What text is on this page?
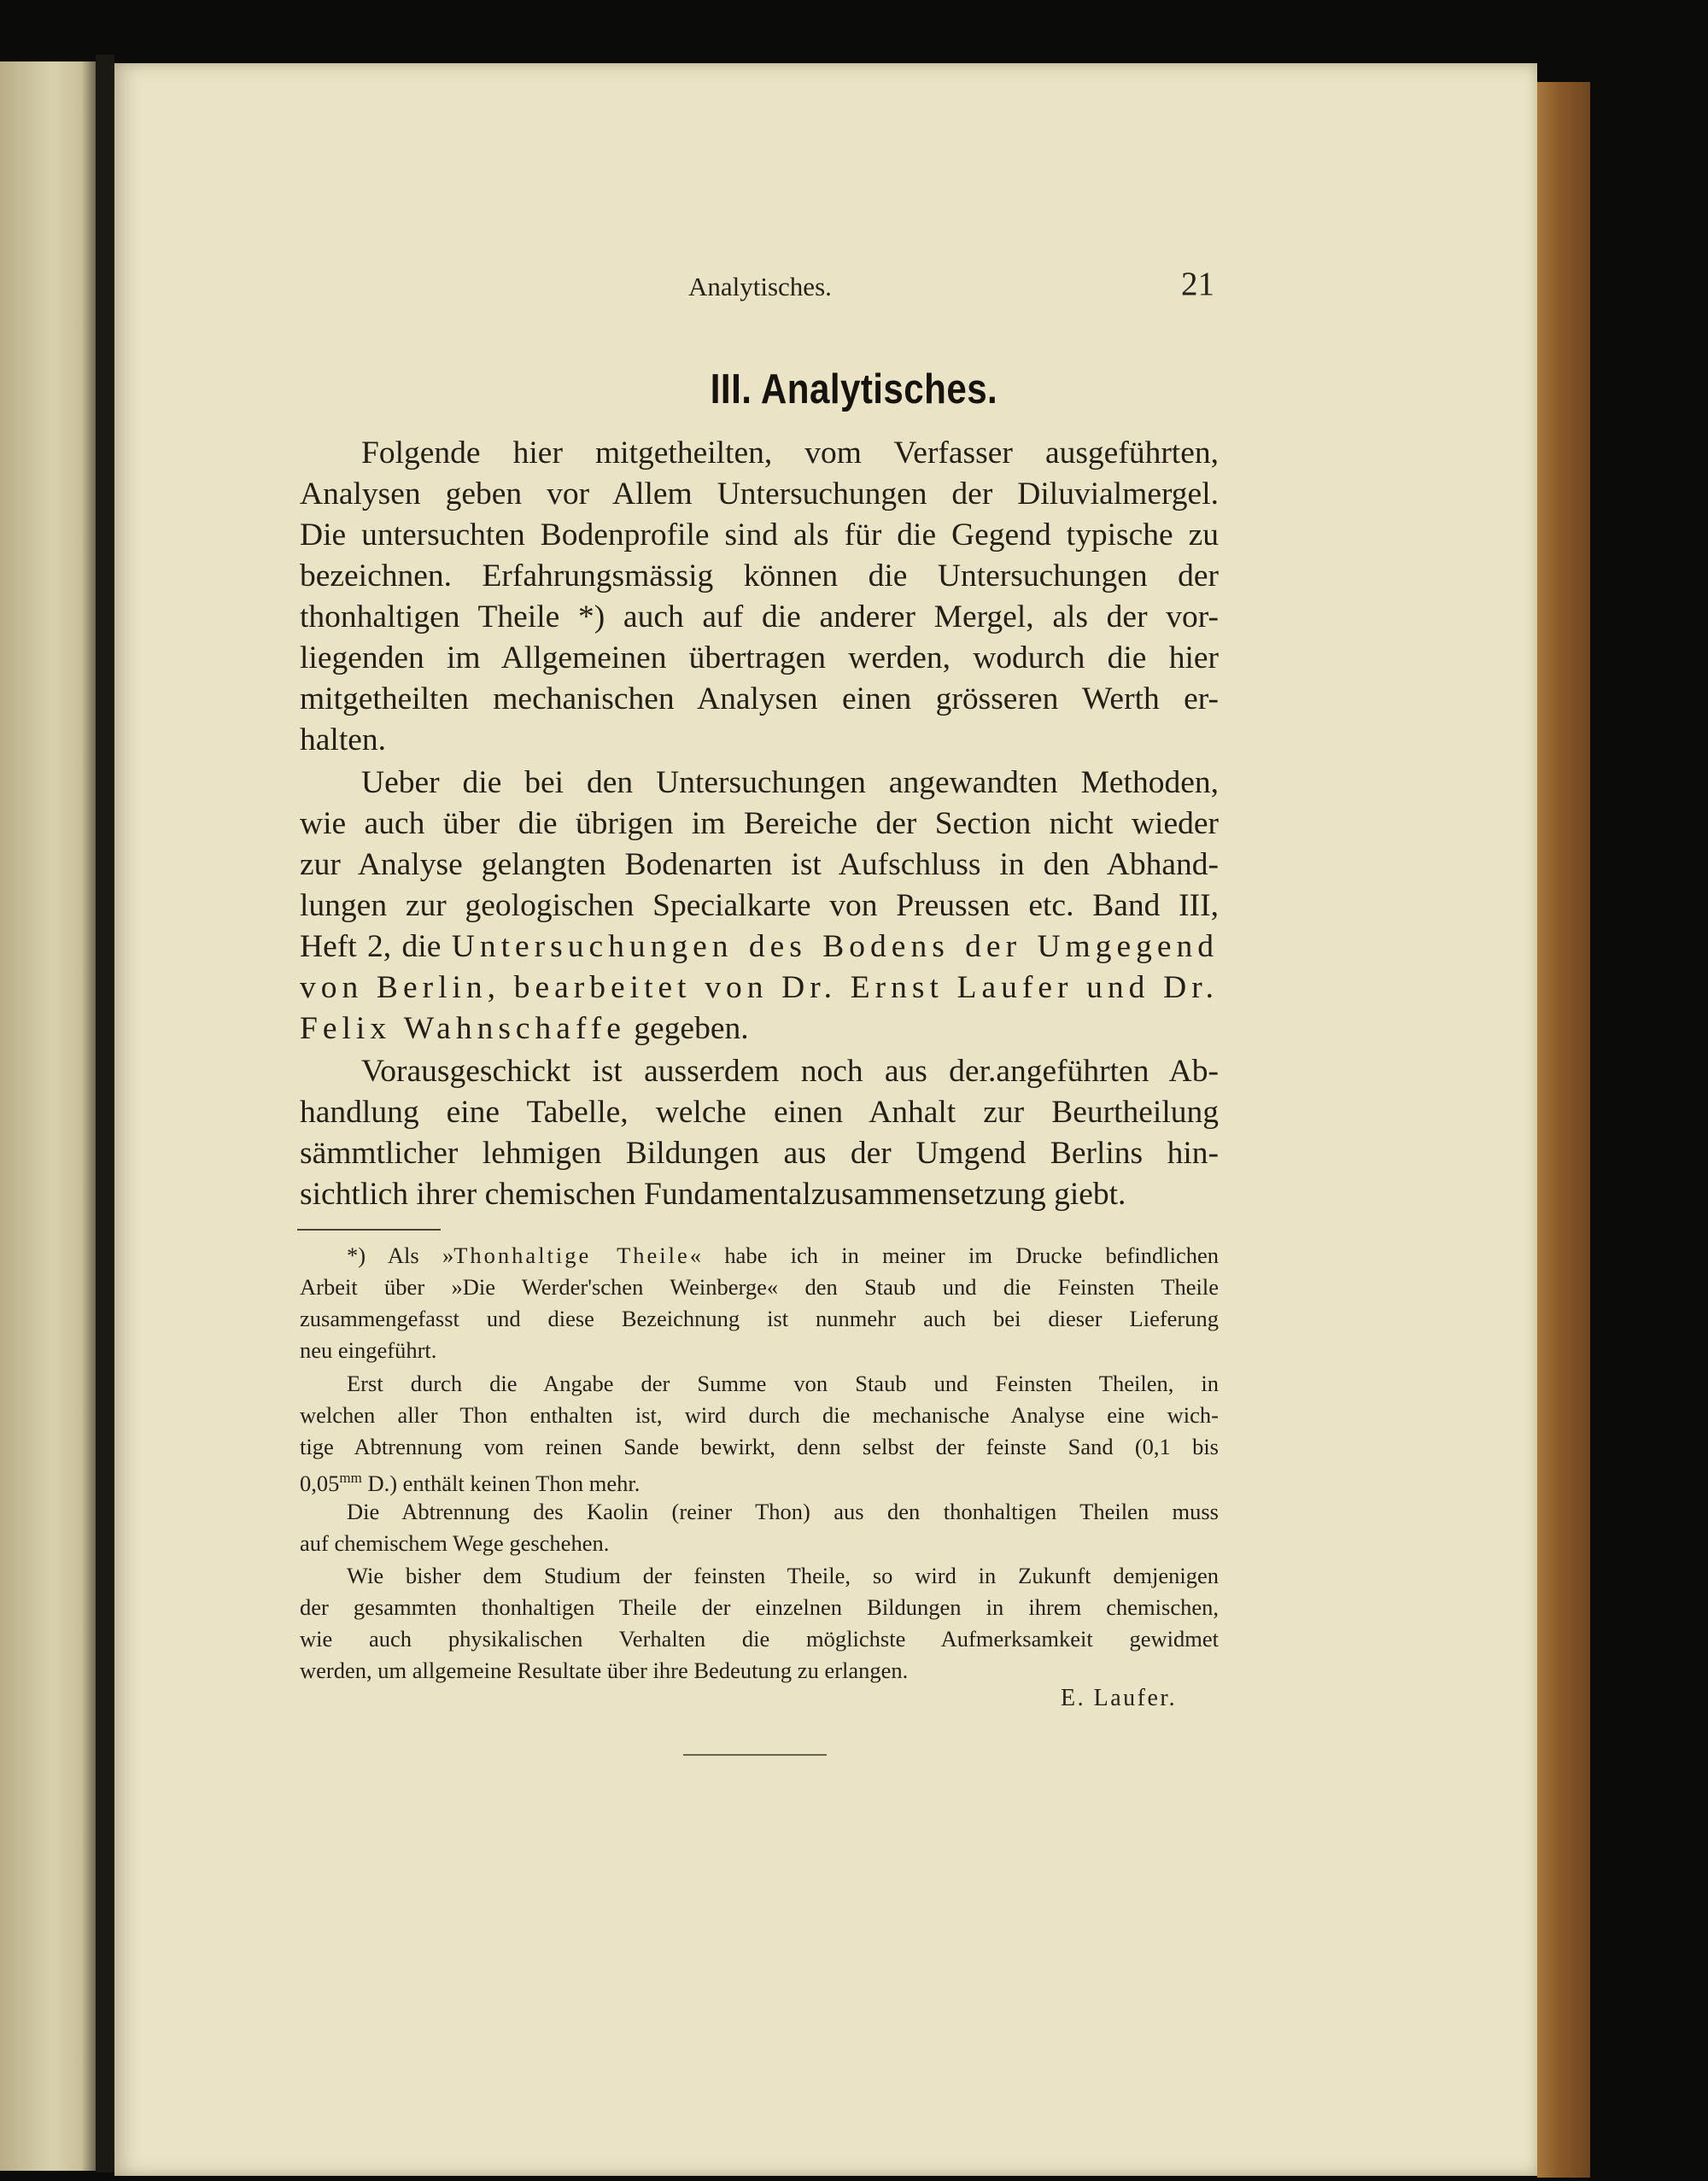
Analytisches.	21
III. Analytisches.

Folgende hier mitgetheilten, vom Verfasser ausgeführten,

Analysen geben vor Allem Untersuchungen der Diluvialmergel.

Die untersuchten Bodenprofile sind als für die Gegend typische zu

bezeichnen. Erfahrungsmässig können die Untersuchungen der

thonhaltigen Theile *) auch auf die anderer Mergel, als der vor-

liegenden im Allgemeinen übertragen werden, wodurch die hier

mitgetheilten mechanischen Analysen einen grösseren Werth er-

halten.

Ueber die bei den Untersuchungen angewandten Methoden,

wie auch über die übrigen im Bereiche der Section nicht wieder

zur Analyse gelangten Bodenarten ist Aufschluss in den Abhand-

lungen zur geologischen Specialkarte von Preussen etc. Band III,

Heft 2, die Untersuchungen des Bodens der Umgegend

von Berlin, bearbeitet von Dr. Ernst Laufer und Dr.

Felix Wahnschaffe gegeben.

Vorausgeschickt ist ausserdem noch aus der.angeführten Ab-

handlung eine Tabelle, welche einen Anhalt zur Beurtheilung

sämmtlicher lehmigen Bildungen aus der Umgend Berlins hin-

sichtlich ihrer chemischen Fundamentalzusammensetzung giebt.

*) Als »Thonhaltige Theile« habe ich in meiner im Drucke befindlichen

Arbeit über »Die Werder'schen Weinberge« den Staub und die Feinsten Theile

zusammengefasst und diese Bezeichnung ist nunmehr auch bei dieser Lieferung

neu eingeführt.

Erst durch die Angabe der Summe von Staub und Feinsten Theilen, in

welchen aller Thon enthalten ist, wird durch die mechanische Analyse eine wich-

tige Abtrennung vom reinen Sande bewirkt, denn selbst der feinste Sand (0,1 bis

$0,05^{mm}$ D.) enthält keinen Thon mehr.

Die Abtrennung des Kaolin (reiner Thon) aus den thonhaltigen Theilen muss

auf chemischem Wege geschehen.

Wie bisher dem Studium der feinsten Theile, so wird in Zukunft demjenigen

der gesammten thonhaltigen Theile der einzelnen Bildungen in ihrem chemischen,

wie auch physikalischen Verhalten die möglichste Aufmerksamkeit gewidmet

werden, um allgemeine Resultate über ihre Bedeutung zu erlangen.

E. Laufer.
